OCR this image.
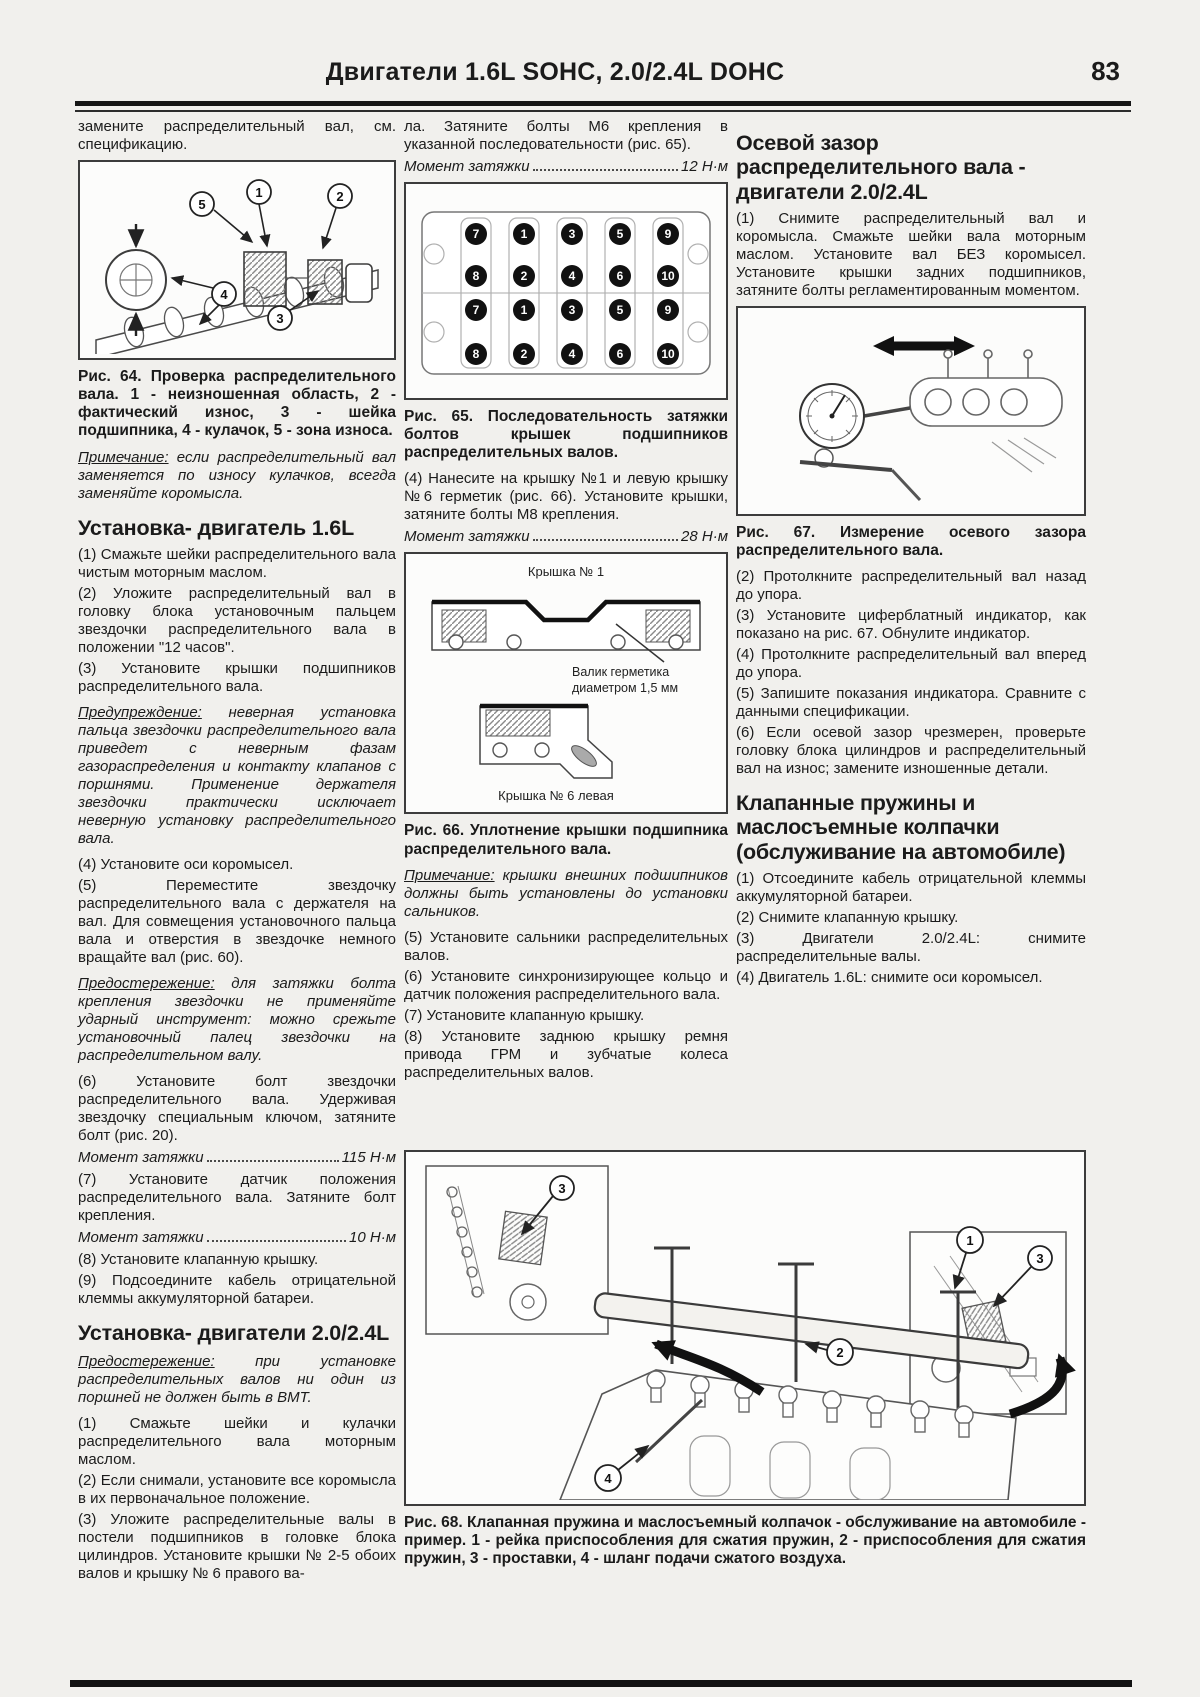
Двигатели 1.6L SOHC, 2.0/2.4L DOHC	83

замените распределительный вал, см. спецификацию.

1	2
3
4
5

Рис. 64. Проверка распределительного вала. 1 - неизношенная область, 2 - фактический износ, 3 - шейка подшипника, 4 - кулачок, 5 - зона износа.

Примечание: если распределительный вал заменяется по износу кулачков, всегда заменяйте коромысла.

Установка- двигатель 1.6L

(1) Смажьте шейки распределительного вала чистым моторным маслом.

(2) Уложите распределительный вал в головку блока установочным пальцем звездочки распределительного вала в положении "12 часов".

(3) Установите крышки подшипников распределительного вала.

Предупреждение: неверная установка пальца звездочки распределительного вала приведет с неверным фазам газораспределения и контакту клапанов с поршнями. Применение держателя звездочки практически исключает неверную установку распределительного вала.

(4) Установите оси коромысел.

(5) Переместите звездочку распределительного вала с держателя на вал. Для совмещения установочного пальца вала и отверстия в звездочке немного вращайте вал (рис. 60).

Предостережение: для затяжки болта крепления звездочки не применяйте ударный инструмент: можно срежьте установочный палец звездочки на распределительном валу.

(6) Установите болт звездочки распределительного вала. Удерживая звездочку специальным ключом, затяните болт (рис. 20).

Момент затяжки	115 Н·м

(7) Установите датчик положения распределительного вала. Затяните болт крепления.

Момент затяжки	10 Н·м

(8) Установите клапанную крышку.

(9) Подсоедините кабель отрицательной клеммы аккумуляторной батареи.

Установка- двигатели 2.0/2.4L

Предостережение: при установке распределительных валов ни один из поршней не должен быть в ВМТ.

(1) Смажьте шейки и кулачки распределительного вала моторным маслом.

(2) Если снимали, установите все коромысла в их первоначальное положение.

(3) Уложите распределительные валы в постели подшипников в головке блока цилиндров. Установите крышки № 2-5 обоих валов и крышку № 6 правого ва-

ла. Затяните болты М6 крепления в указанной последовательности (рис. 65).

Момент затяжки	12 Н·м
7	1	3	5	9
8	2	4	6	10
7	1	3	5	9
8	2	4	6	10

Рис. 65. Последовательность затяжки болтов крышек подшипников распределительных валов.

(4) Нанесите на крышку №1 и левую крышку №6 герметик (рис. 66). Установите крышки, затяните болты М8 крепления.

Момент затяжки	28 Н·м
Крышка № 1
Валик герметика
диаметром 1,5 мм
Крышка № 6 левая

Рис. 66. Уплотнение крышки подшипника распределительного вала.

Примечание: крышки внешних подшипников должны быть установлены до установки сальников.

(5) Установите сальники распределительных валов.

(6) Установите синхронизирующее кольцо и датчик положения распределительного вала.

(7) Установите клапанную крышку.

(8) Установите заднюю крышку ремня привода ГРМ и зубчатые колеса распределительных валов.

Осевой зазор распределительного вала - двигатели 2.0/2.4L

(1) Снимите распределительный вал и коромысла. Смажьте шейки вала моторным маслом. Установите вал БЕЗ коромысел. Установите крышки задних подшипников, затяните болты регламентированным моментом.

Рис. 67. Измерение осевого зазора распределительного вала.

(2) Протолкните распределительный вал назад до упора.

(3) Установите циферблатный индикатор, как показано на рис. 67. Обнулите индикатор.

(4) Протолкните распределительный вал вперед до упора.

(5) Запишите показания индикатора. Сравните с данными спецификации.

(6) Если осевой зазор чрезмерен, проверьте головку блока цилиндров и распределительный вал на износ; замените изношенные детали.

Клапанные пружины и маслосъемные колпачки (обслуживание на автомобиле)

(1) Отсоедините кабель отрицательной клеммы аккумуляторной батареи.

(2) Снимите клапанную крышку.

(3) Двигатели 2.0/2.4L: снимите распределительные валы.

(4) Двигатель 1.6L: снимите оси коромысел.

3
3
1
2
4

Рис. 68. Клапанная пружина и маслосъемный колпачок - обслуживание на автомобиле - пример. 1 - рейка приспособления для сжатия пружин, 2 - приспособления для сжатия пружин, 3 - проставки, 4 - шланг подачи сжатого воздуха.
